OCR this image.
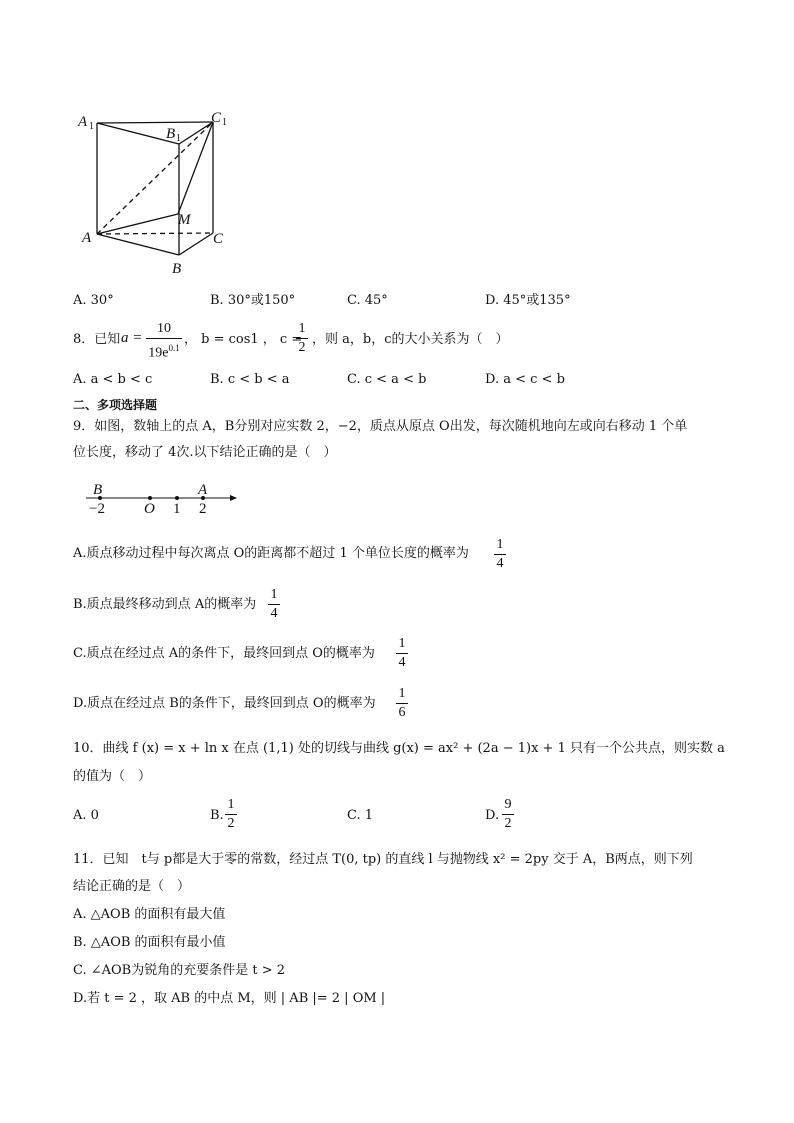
A 1	B 1
C 1
M
A	C
B
A. 30°	B. 30°或150°	C. 45°	D. 45°或135°
8．已知 a =
10
$19e^{0.1}$
， b = cos1 ， c =
1
2
，则 a，b，c的大小关系为（　）
A. a < b < c	B. c < b < a	C. c < a < b	D. a < c < b
二、多项选择题
9．如图，数轴上的点 A，B分别对应实数 2，−2，质点从原点 O出发，每次随机地向左或向右移动 1 个单
位长度，移动了 4次.以下结论正确的是（　）
B	A
−2	O 1 2
A.质点移动过程中每次离点 O的距离都不超过 1 个单位长度的概率为
1
4
B.质点最终移动到点 A的概率为
1
4
C.质点在经过点 A的条件下，最终回到点 O的概率为
1
4
D.质点在经过点 B的条件下，最终回到点 O的概率为
1
6
10．曲线 f (x) = x + ln x 在点 (1,1) 处的切线与曲线 g(x) = ax² + (2a − 1)x + 1 只有一个公共点，则实数 a
的值为（　）
A. 0	B.
1
2
C. 1	D.
9
2
11．已知　t与 p都是大于零的常数，经过点 T(0, tp) 的直线 l 与抛物线 x² = 2py 交于 A，B两点，则下列
结论正确的是（　）
A. △AOB 的面积有最大值
B. △AOB 的面积有最小值
C. ∠AOB为锐角的充要条件是 t > 2
D.若 t = 2 ，取 AB 的中点 M，则 | AB |= 2 | OM |
